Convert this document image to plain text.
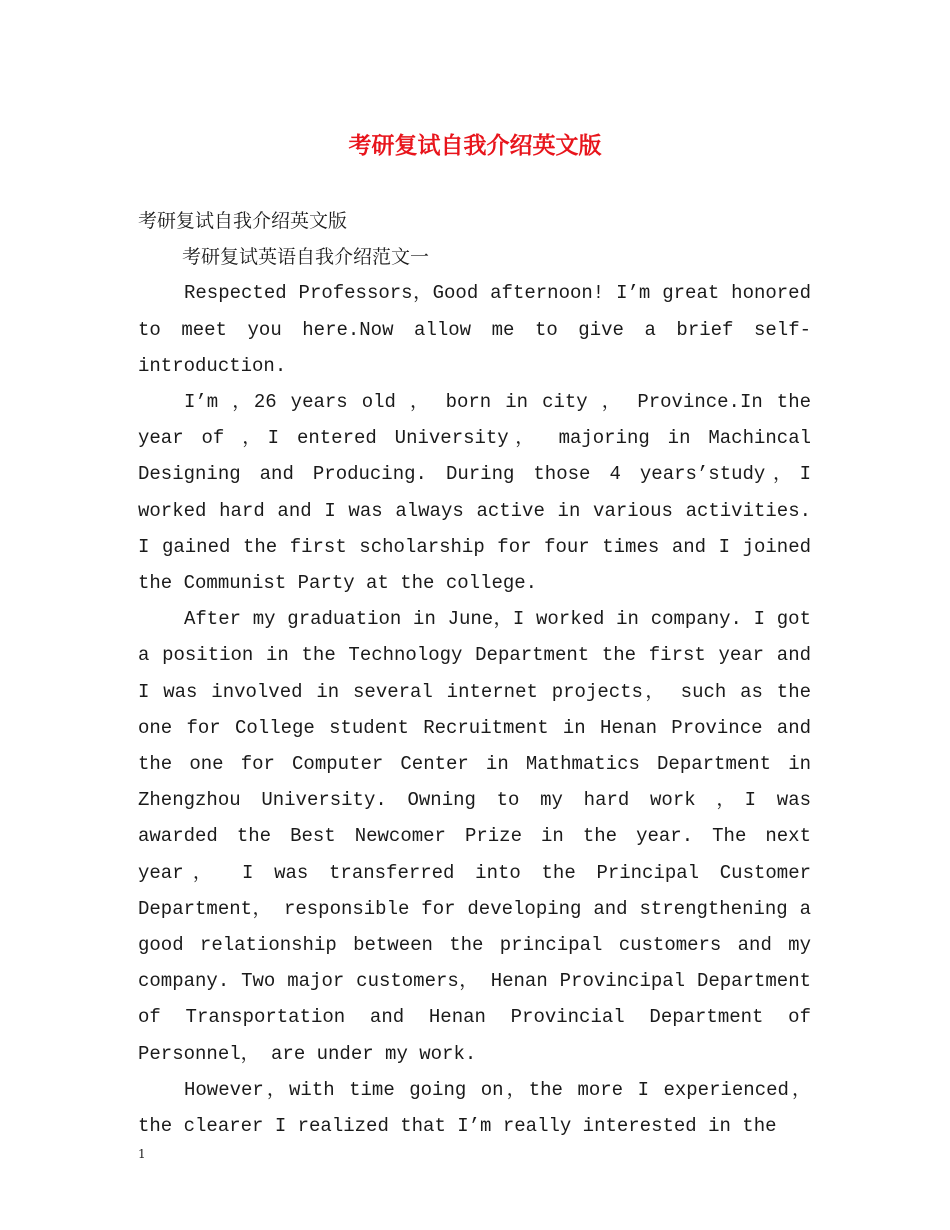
考研复试自我介绍英文版

考研复试自我介绍英文版

考研复试英语自我介绍范文一

Respected Professors，Good afternoon! I’m great honored to meet you here.Now allow me to give a brief self-introduction.

I’m ，26 years old ， born in city ， Province.In the year of ，I entered University， majoring in Machincal Designing and Producing. During those 4 years’study，I worked hard and I was always active in various activities. I gained the first scholarship for four times and I joined the Communist Party at the college.

After my graduation in June，I worked in company. I got a position in the Technology Department the first year and I was involved in several internet projects， such as the one for College student Recruitment in Henan Province and the one for Computer Center in Mathmatics Department in Zhengzhou University. Owning to my hard work ，I was awarded the Best Newcomer Prize in the year. The next year， I was transferred into the Principal Customer Department， responsible for developing and strengthening a good relationship between the principal customers and my company. Two major customers， Henan Provincipal Department of Transportation and Henan Provincial Department of Personnel， are under my work.

However，with time going on，the more I experienced， the clearer I realized that I’m really interested in the

1
